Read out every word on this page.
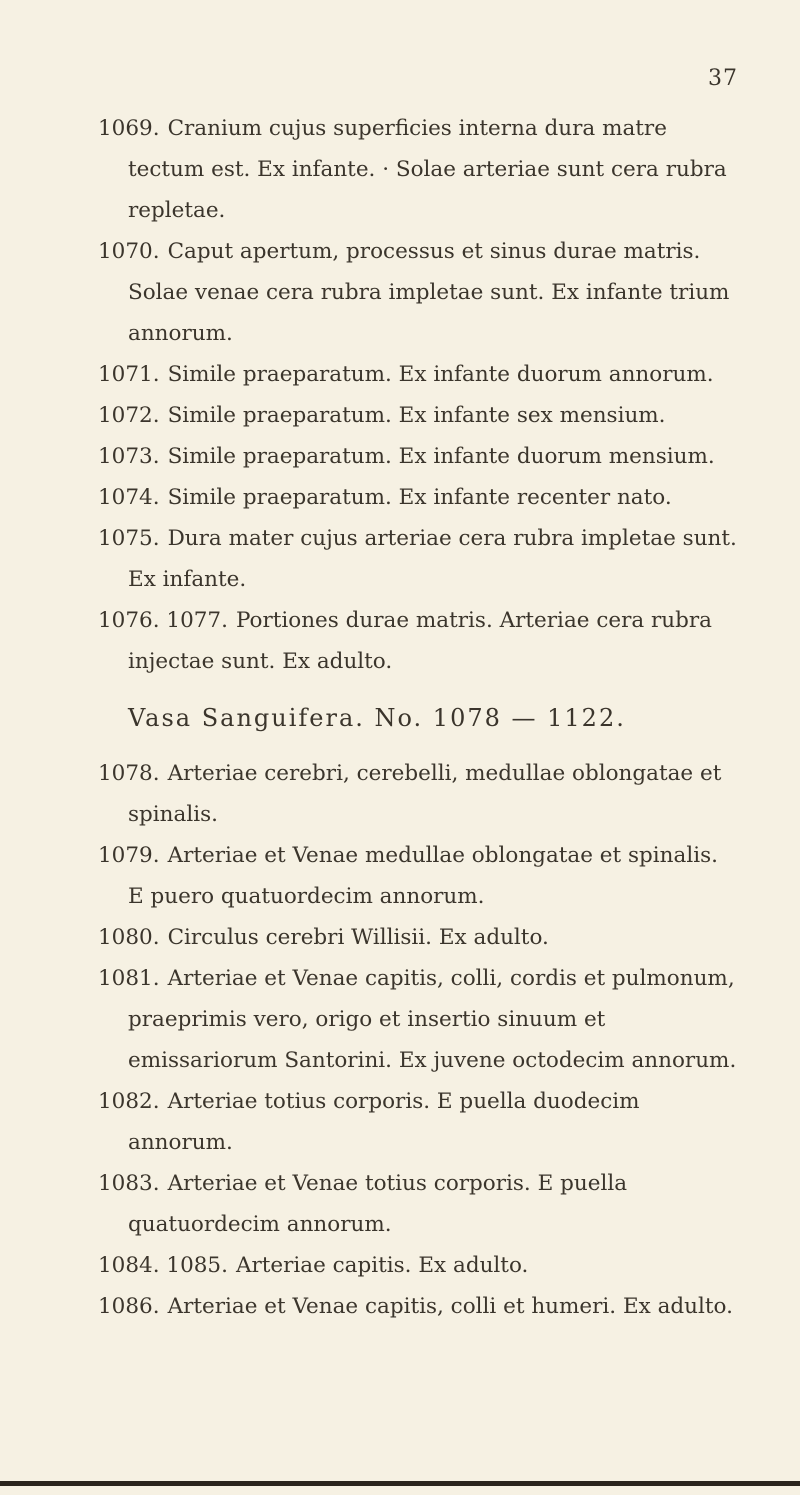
37

1069. Cranium cujus superficies interna dura matre tectum est. Ex infante. · Solae arteriae sunt cera rubra repletae.

1070. Caput apertum, processus et sinus durae matris. Solae venae cera rubra impletae sunt. Ex infante trium annorum.

1071. Simile praeparatum. Ex infante duorum annorum.

1072. Simile praeparatum. Ex infante sex mensium.

1073. Simile praeparatum. Ex infante duorum mensium.

1074. Simile praeparatum. Ex infante recenter nato.

1075. Dura mater cujus arteriae cera rubra impletae sunt. Ex infante.

1076. 1077. Portiones durae matris. Arteriae cera rubra injectae sunt. Ex adulto.

Vasa Sanguifera. No. 1078 — 1122.

1078. Arteriae cerebri, cerebelli, medullae oblongatae et spinalis.

1079. Arteriae et Venae medullae oblongatae et spinalis. E puero quatuordecim annorum.

1080. Circulus cerebri Willisii. Ex adulto.

1081. Arteriae et Venae capitis, colli, cordis et pulmonum, praeprimis vero, origo et insertio sinuum et emissariorum Santorini. Ex juvene octodecim annorum.

1082. Arteriae totius corporis. E puella duodecim annorum.

1083. Arteriae et Venae totius corporis. E puella quatuordecim annorum.

1084. 1085. Arteriae capitis. Ex adulto.

1086. Arteriae et Venae capitis, colli et humeri. Ex adulto.
